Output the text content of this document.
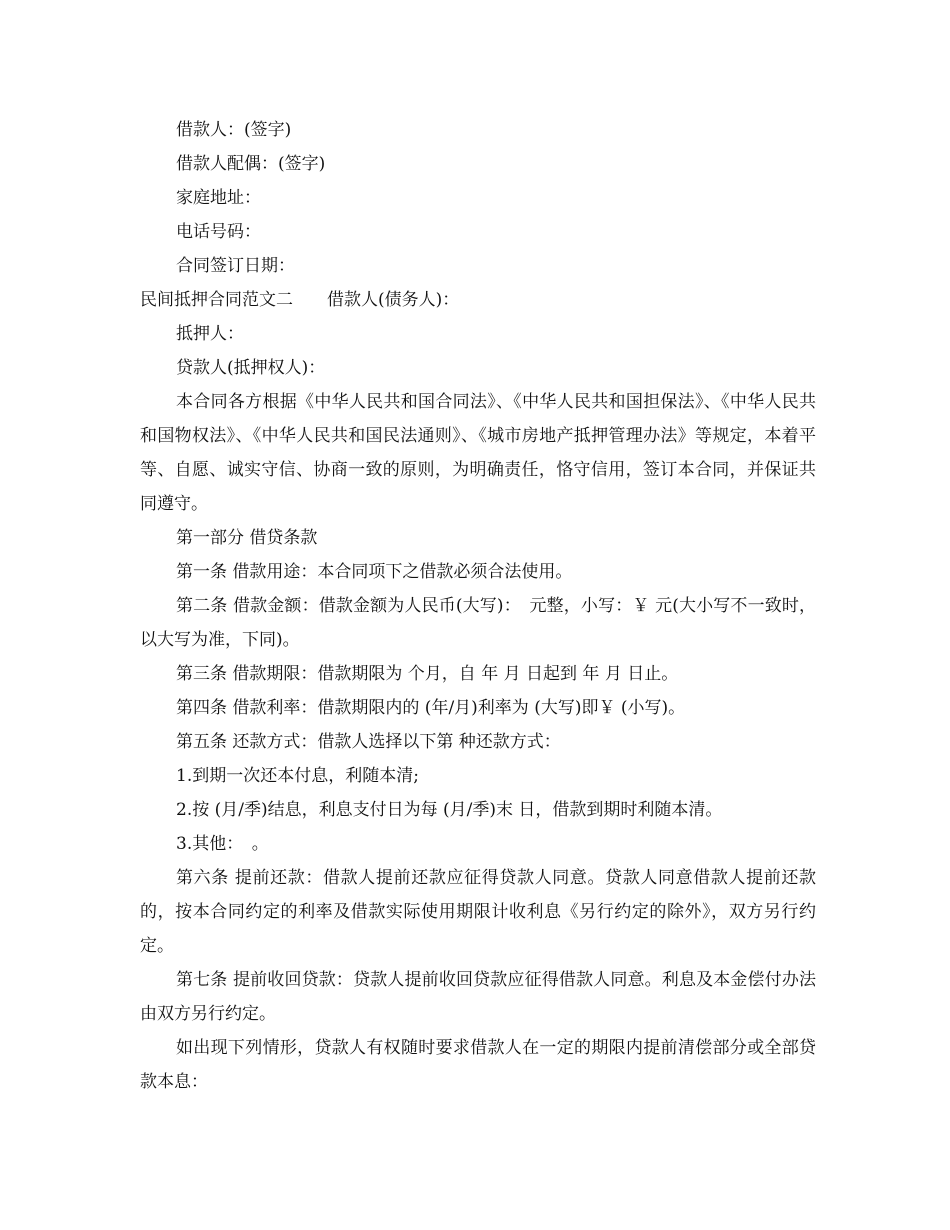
借款人：(签字)

借款人配偶：(签字)

家庭地址：

电话号码：

合同签订日期：

民间抵押合同范文二　　借款人(债务人)：

抵押人：

贷款人(抵押权人)：

本合同各方根据《中华人民共和国合同法》、《中华人民共和国担保法》、《中华人民共和国物权法》、《中华人民共和国民法通则》、《城市房地产抵押管理办法》等规定，本着平等、自愿、诚实守信、协商一致的原则，为明确责任，恪守信用，签订本合同，并保证共同遵守。

第一部分 借贷条款

第一条 借款用途：本合同项下之借款必须合法使用。

第二条 借款金额：借款金额为人民币(大写)：　元整，小写：￥ 元(大小写不一致时，以大写为准，下同)。

第三条 借款期限：借款期限为 个月，自 年 月 日起到 年 月 日止。

第四条 借款利率：借款期限内的 (年/月)利率为 (大写)即￥ (小写)。

第五条 还款方式：借款人选择以下第 种还款方式：

1.到期一次还本付息，利随本清;

2.按 (月/季)结息，利息支付日为每 (月/季)末 日，借款到期时利随本清。

3.其他：　。

第六条 提前还款：借款人提前还款应征得贷款人同意。贷款人同意借款人提前还款的，按本合同约定的利率及借款实际使用期限计收利息《另行约定的除外》，双方另行约定。

第七条 提前收回贷款：贷款人提前收回贷款应征得借款人同意。利息及本金偿付办法由双方另行约定。

如出现下列情形，贷款人有权随时要求借款人在一定的期限内提前清偿部分或全部贷款本息：
